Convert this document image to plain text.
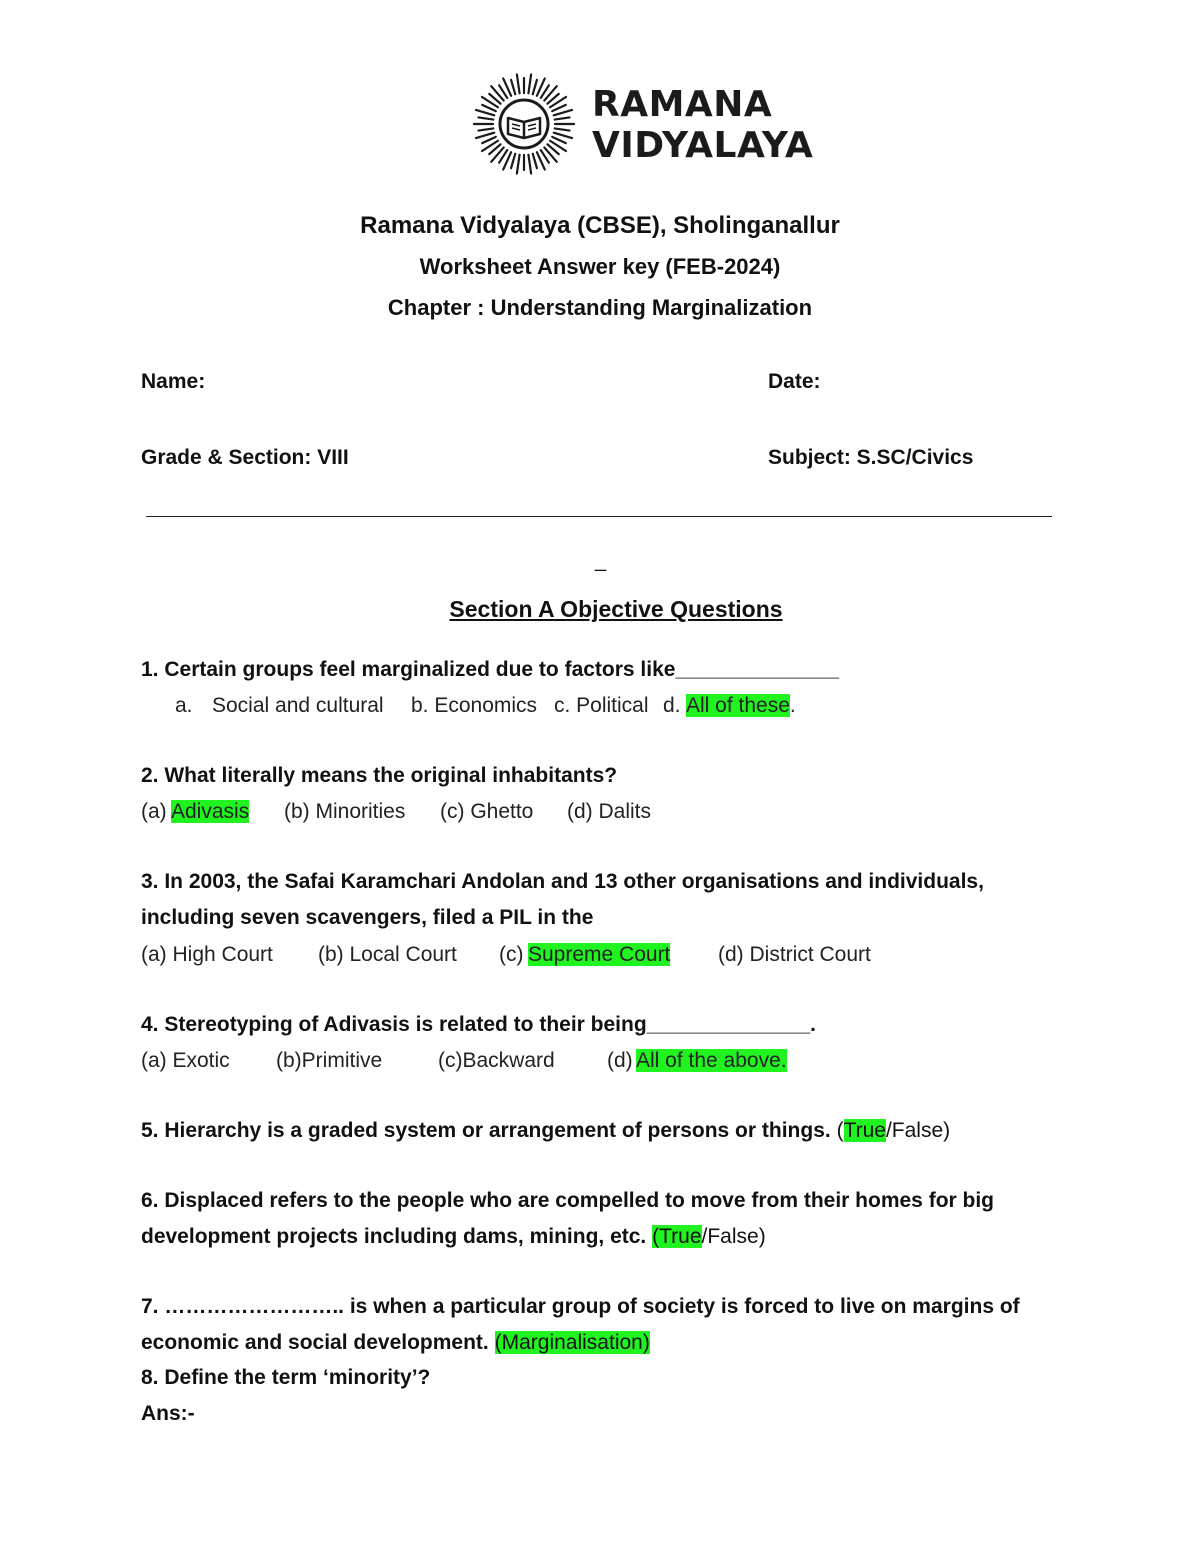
RAMANA
VIDYALAYA
Ramana Vidyalaya (CBSE), Sholinganallur
Worksheet Answer key (FEB-2024)
Chapter : Understanding Marginalization
Name:	Date:
Grade & Section: VIII	Subject: S.SC/Civics
_
Section A Objective Questions
1. Certain groups feel marginalized due to factors like______________
a. Social and cultural b. Economics c. Political d. All of these.
2. What literally means the original inhabitants?
(a) Adivasis (b) Minorities (c) Ghetto (d) Dalits
3. In 2003, the Safai Karamchari Andolan and 13 other organisations and individuals,
including seven scavengers, filed a PIL in the
(a) High Court (b) Local Court (c) Supreme Court (d) District Court
4. Stereotyping of Adivasis is related to their being______________.
(a) Exotic (b)Primitive	(c)Backward (d) All of the above.
5. Hierarchy is a graded system or arrangement of persons or things. (True/False)
6. Displaced refers to the people who are compelled to move from their homes for big
development projects including dams, mining, etc. (True/False)
7. …………………….. is when a particular group of society is forced to live on margins of
economic and social development. (Marginalisation)
8. Define the term ‘minority’?
Ans:-
